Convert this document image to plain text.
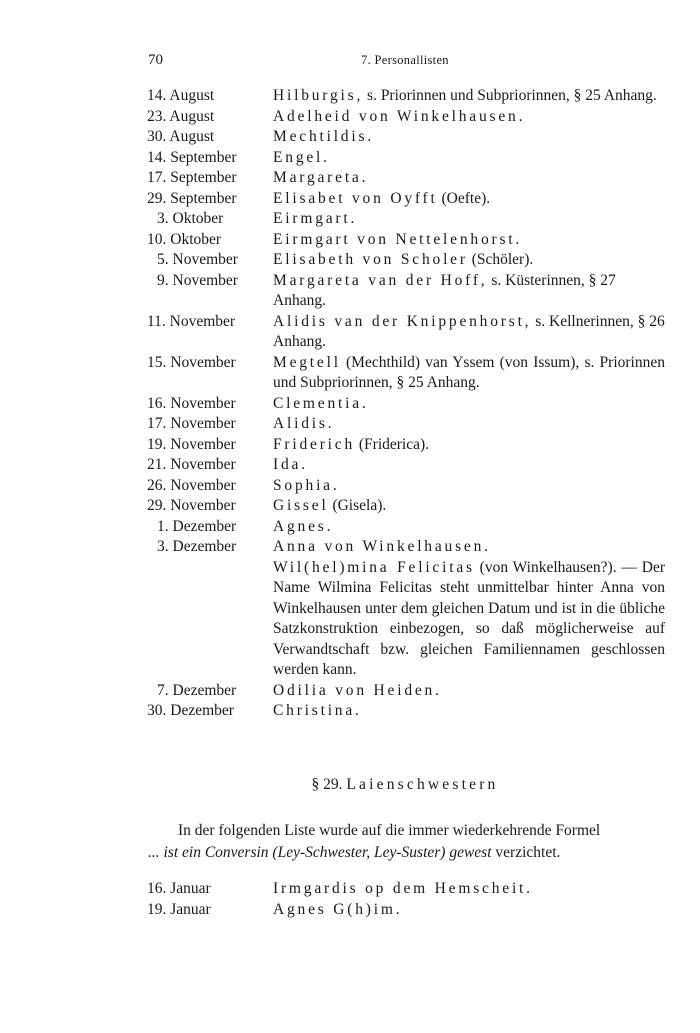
70	7. Personallisten
14. August	Hilburgis, s. Priorinnen und Subpriorinnen, § 25 Anhang.
23. August	Adelheid von Winkelhausen.
30. August	Mechtildis.
14. September	Engel.
17. September	Margareta.
29. September	Elisabet von Oyfft (Oefte).
3. Oktober	Eirmgart.
10. Oktober	Eirmgart von Nettelenhorst.
5. November	Elisabeth von Scholer (Schöler).
9. November	Margareta van der Hoff, s. Küsterinnen, § 27 Anhang.
11. November	Alidis van der Knippenhorst, s. Kellnerinnen, § 26 Anhang.
15. November	Megtell (Mechthild) van Yssem (von Issum), s. Priorinnen und Subpriorinnen, § 25 Anhang.
16. November	Clementia.
17. November	Alidis.
19. November	Friderich (Friderica).
21. November	Ida.
26. November	Sophia.
29. November	Gissel (Gisela).
1. Dezember	Agnes.
3. Dezember	Anna von Winkelhausen.
Wil(hel)mina Felicitas (von Winkelhausen?). — Der Name Wilmina Felicitas steht unmittelbar hinter Anna von Winkelhausen unter dem gleichen Datum und ist in die übliche Satzkonstruktion einbezogen, so daß möglicherweise auf Verwandtschaft bzw. gleichen Familiennamen geschlossen werden kann.
7. Dezember	Odilia von Heiden.
30. Dezember	Christina.
§ 29. Laienschwestern

In der folgenden Liste wurde auf die immer wiederkehrende Formel

... ist ein Conversin (Ley-Schwester, Ley-Suster) gewest verzichtet.

16. Januar	Irmgardis op dem Hemscheit.
19. Januar	Agnes G(h)im.
